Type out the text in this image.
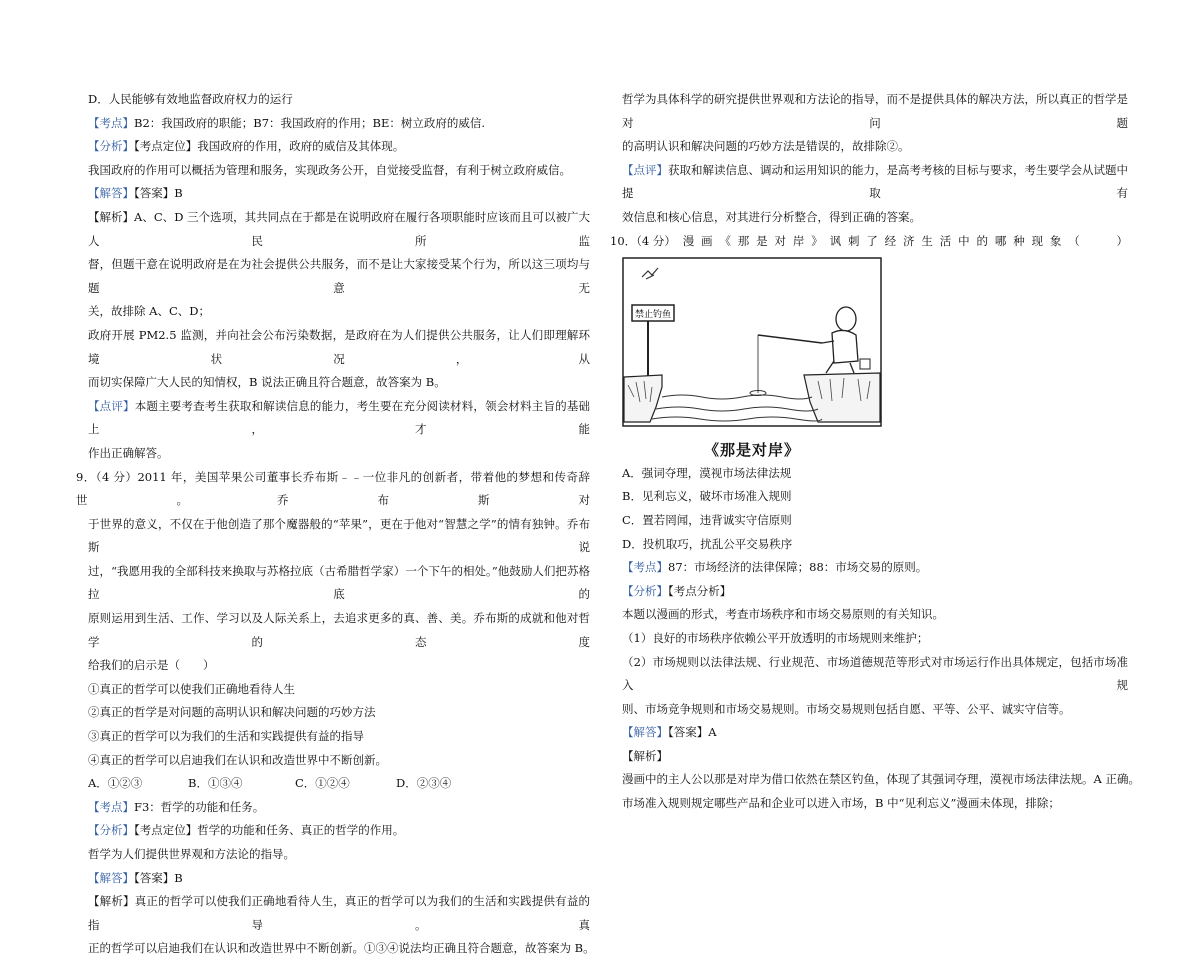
D．人民能够有效地监督政府权力的运行
【考点】B2：我国政府的职能；B7：我国政府的作用；BE：树立政府的威信.
【分析】【考点定位】我国政府的作用，政府的威信及其体现。
我国政府的作用可以概括为管理和服务，实现政务公开，自觉接受监督，有利于树立政府威信。
【解答】【答案】B
【解析】A、C、D 三个选项，其共同点在于都是在说明政府在履行各项职能时应该而且可以被广大人民所监
督，但题干意在说明政府是在为社会提供公共服务，而不是让大家接受某个行为，所以这三项均与题意无
关，故排除 A、C、D；
政府开展 PM2.5 监测，并向社会公布污染数据，是政府在为人们提供公共服务，让人们即理解环境状况，从
而切实保障广大人民的知情权，B 说法正确且符合题意，故答案为 B。
【点评】本题主要考查考生获取和解读信息的能力，考生要在充分阅读材料，领会材料主旨的基础上，才能
作出正确解答。
9．（4 分）2011 年，美国苹果公司董事长乔布斯﹣﹣一位非凡的创新者，带着他的梦想和传奇辞世。乔布斯对
于世界的意义，不仅在于他创造了那个魔器般的“苹果”，更在于他对“智慧之学”的情有独钟。乔布斯说
过，“我愿用我的全部科技来换取与苏格拉底（古希腊哲学家）一个下午的相处。”他鼓励人们把苏格拉底的
原则运用到生活、工作、学习以及人际关系上，去追求更多的真、善、美。乔布斯的成就和他对哲学的态度
给我们的启示是（　　）
①真正的哲学可以使我们正确地看待人生
②真正的哲学是对问题的高明认识和解决问题的巧妙方法
③真正的哲学可以为我们的生活和实践提供有益的指导
④真正的哲学可以启迪我们在认识和改造世界中不断创新。
A．①②③	B．①③④	C．①②④	D．②③④
【考点】F3：哲学的功能和任务。
【分析】【考点定位】哲学的功能和任务、真正的哲学的作用。
哲学为人们提供世界观和方法论的指导。
【解答】【答案】B
【解析】真正的哲学可以使我们正确地看待人生，真正的哲学可以为我们的生活和实践提供有益的指导。真
正的哲学可以启迪我们在认识和改造世界中不断创新。①③④说法均正确且符合题意，故答案为 B。
哲学为具体科学的研究提供世界观和方法论的指导，而不是提供具体的解决方法，所以真正的哲学是对问题
的高明认识和解决问题的巧妙方法是错误的，故排除②。
【点评】获取和解读信息、调动和运用知识的能力，是高考考核的目标与要求，考生要学会从试题中提取有
效信息和核心信息，对其进行分析整合，得到正确的答案。
10．（4 分） 漫 画 《 那 是 对 岸 》 讽 刺 了 经 济 生 活 中 的 哪 种 现 象 （
　　	）
禁止钓鱼
《那是对岸》
A．强词夺理，漠视市场法律法规
B．见利忘义，破坏市场准入规则
C．置若罔闻，违背诚实守信原则
D．投机取巧，扰乱公平交易秩序
【考点】87：市场经济的法律保障；88：市场交易的原则。
【分析】【考点分析】
本题以漫画的形式，考查市场秩序和市场交易原则的有关知识。
（1）良好的市场秩序依赖公平开放透明的市场规则来维护；
（2）市场规则以法律法规、行业规范、市场道德规范等形式对市场运行作出具体规定，包括市场准入规
则、市场竞争规则和市场交易规则。市场交易规则包括自愿、平等、公平、诚实守信等。
【解答】【答案】A
【解析】
漫画中的主人公以那是对岸为借口依然在禁区钓鱼，体现了其强词夺理，漠视市场法律法规。A 正确。
市场准入规则规定哪些产品和企业可以进入市场，B 中“见利忘义”漫画未体现，排除；
